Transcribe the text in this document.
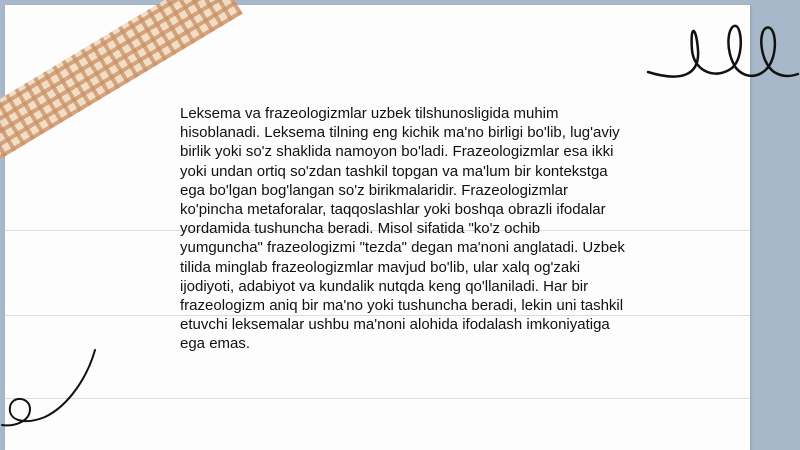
Leksema va frazeologizmlar uzbek tilshunosligida muhim hisoblanadi. Leksema tilning eng kichik ma'no birligi bo'lib, lug'aviy birlik yoki so'z shaklida namoyon bo'ladi. Frazeologizmlar esa ikki yoki undan ortiq so'zdan tashkil topgan va ma'lum bir kontekstga ega bo'lgan bog'langan so'z birikmalaridir. Frazeologizmlar ko'pincha metaforalar, taqqoslashlar yoki boshqa obrazli ifodalar yordamida tushuncha beradi. Misol sifatida "ko'z ochib yumguncha" frazeologizmi "tezda" degan ma'noni anglatadi. Uzbek tilida minglab frazeologizmlar mavjud bo'lib, ular xalq og'zaki ijodiyoti, adabiyot va kundalik nutqda keng qo'llaniladi. Har bir frazeologizm aniq bir ma'no yoki tushuncha beradi, lekin uni tashkil etuvchi leksemalar ushbu ma'noni alohida ifodalash imkoniyatiga ega emas.
